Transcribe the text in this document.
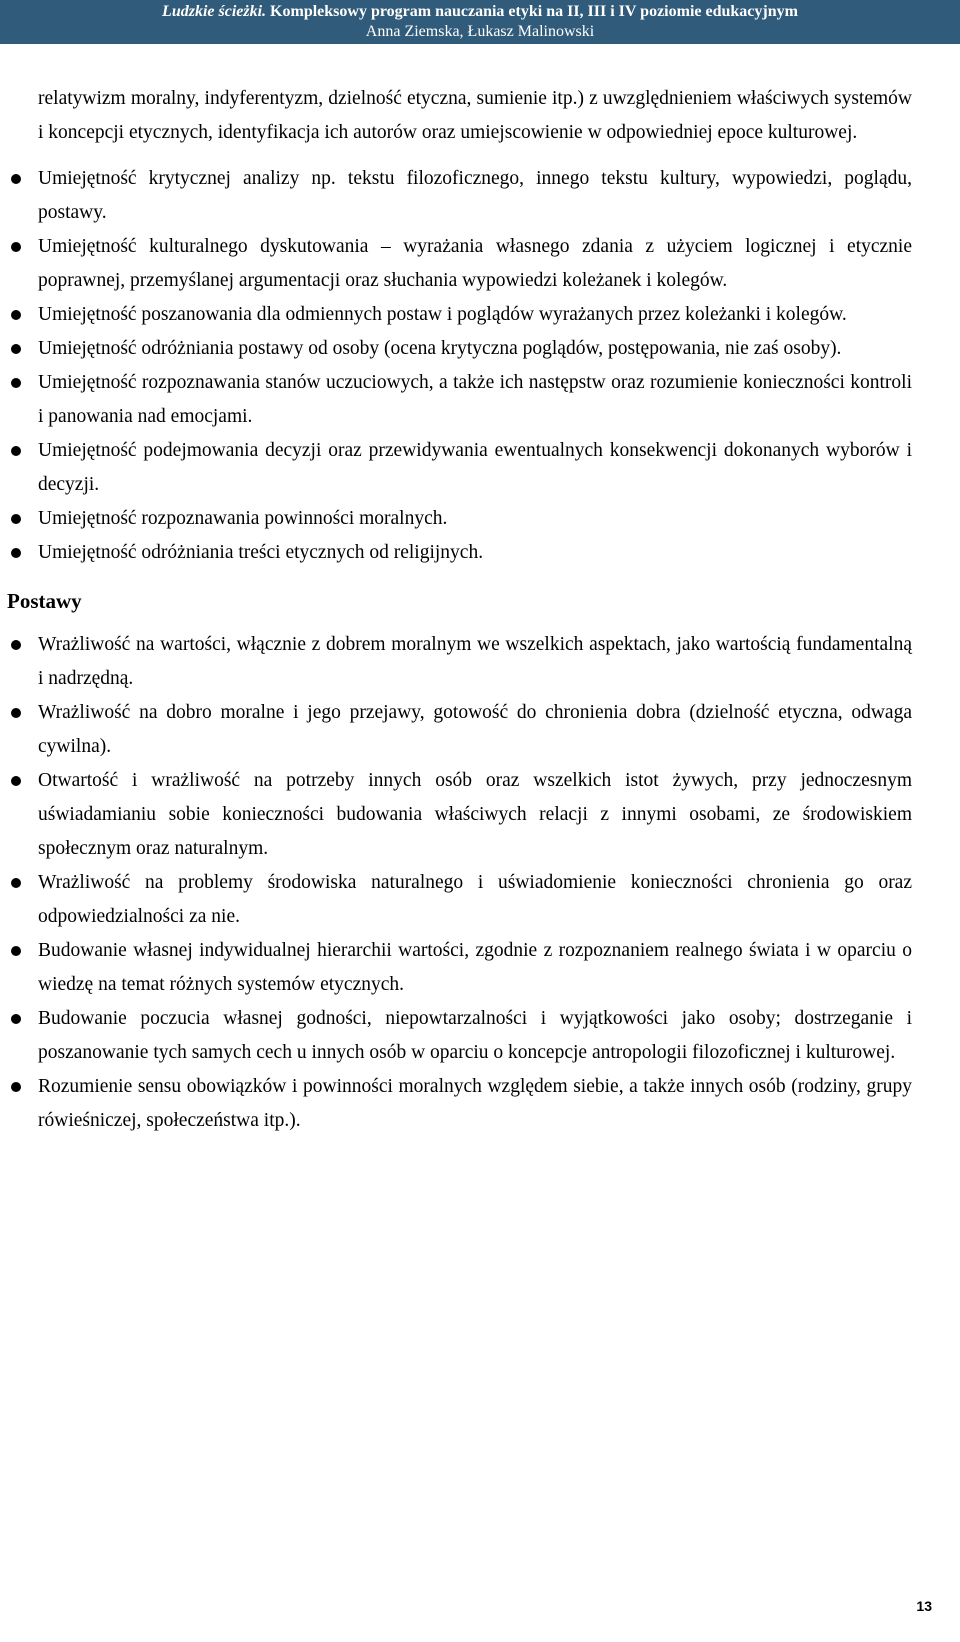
Ludzkie ścieżki. Kompleksowy program nauczania etyki na II, III i IV poziomie edukacyjnym
Anna Ziemska, Łukasz Malinowski

relatywizm moralny, indyferentyzm, dzielność etyczna, sumienie itp.) z uwzględnieniem właściwych systemów i koncepcji etycznych, identyfikacja ich autorów oraz umiejscowienie w odpowiedniej epoce kulturowej.

Umiejętność krytycznej analizy np. tekstu filozoficznego, innego tekstu kultury, wypowiedzi, poglądu, postawy.
Umiejętność kulturalnego dyskutowania – wyrażania własnego zdania z użyciem logicznej i etycznie poprawnej, przemyślanej argumentacji oraz słuchania wypowiedzi koleżanek i kolegów.
Umiejętność poszanowania dla odmiennych postaw i poglądów wyrażanych przez koleżanki i kolegów.
Umiejętność odróżniania postawy od osoby (ocena krytyczna poglądów, postępowania, nie zaś osoby).
Umiejętność rozpoznawania stanów uczuciowych, a także ich następstw oraz rozumienie konieczności kontroli i panowania nad emocjami.
Umiejętność podejmowania decyzji oraz przewidywania ewentualnych konsekwencji dokonanych wyborów i decyzji.
Umiejętność rozpoznawania powinności moralnych.
Umiejętność odróżniania treści etycznych od religijnych.
Postawy
Wrażliwość na wartości, włącznie z dobrem moralnym we wszelkich aspektach, jako wartością fundamentalną i nadrzędną.
Wrażliwość na dobro moralne i jego przejawy, gotowość do chronienia dobra (dzielność etyczna, odwaga cywilna).
Otwartość i wrażliwość na potrzeby innych osób oraz wszelkich istot żywych, przy jednoczesnym uświadamianiu sobie konieczności budowania właściwych relacji z innymi osobami, ze środowiskiem społecznym oraz naturalnym.
Wrażliwość na problemy środowiska naturalnego i uświadomienie konieczności chronienia go oraz odpowiedzialności za nie.
Budowanie własnej indywidualnej hierarchii wartości, zgodnie z rozpoznaniem realnego świata i w oparciu o wiedzę na temat różnych systemów etycznych.
Budowanie poczucia własnej godności, niepowtarzalności i wyjątkowości jako osoby; dostrzeganie i poszanowanie tych samych cech u innych osób w oparciu o koncepcje antropologii filozoficznej i kulturowej.
Rozumienie sensu obowiązków i powinności moralnych względem siebie, a także innych osób (rodziny, grupy rówieśniczej, społeczeństwa itp.).
13
